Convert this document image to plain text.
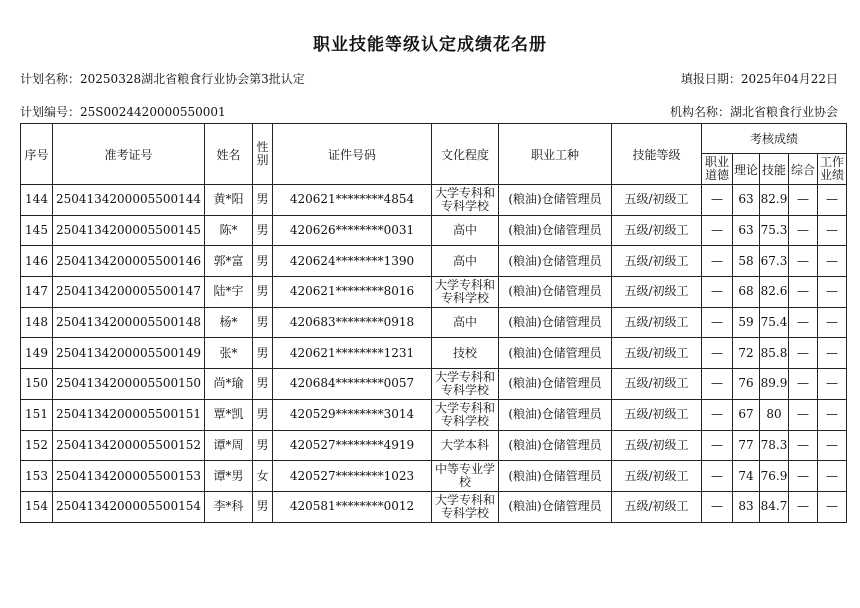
职业技能等级认定成绩花名册
计划名称：20250328湖北省粮食行业协会第3批认定	填报日期：2025年04月22日
计划编号：25S0024420000550001	机构名称：湖北省粮食行业协会
序号	准考证号	姓名	性别	证件号码	文化程度	职业工种	技能等级	考核成绩				

								职业道德	理论	技能	综合	工作业绩

144	2504134200005500144	黄*阳	男	420621********4854	大学专科和专科学校	(粮油)仓储管理员	五级/初级工	—	63	82.9	—	—
145	2504134200005500145	陈*	男	420626********0031	高中	(粮油)仓储管理员	五级/初级工	—	63	75.3	—	—
146	2504134200005500146	郭*富	男	420624********1390	高中	(粮油)仓储管理员	五级/初级工	—	58	67.3	—	—
147	2504134200005500147	陆*宇	男	420621********8016	大学专科和专科学校	(粮油)仓储管理员	五级/初级工	—	68	82.6	—	—
148	2504134200005500148	杨*	男	420683********0918	高中	(粮油)仓储管理员	五级/初级工	—	59	75.4	—	—
149	2504134200005500149	张*	男	420621********1231	技校	(粮油)仓储管理员	五级/初级工	—	72	85.8	—	—
150	2504134200005500150	尚*瑜	男	420684********0057	大学专科和专科学校	(粮油)仓储管理员	五级/初级工	—	76	89.9	—	—
151	2504134200005500151	覃*凯	男	420529********3014	大学专科和专科学校	(粮油)仓储管理员	五级/初级工	—	67	80	—	—
152	2504134200005500152	谭*周	男	420527********4919	大学本科	(粮油)仓储管理员	五级/初级工	—	77	78.3	—	—
153	2504134200005500153	谭*男	女	420527********1023	中等专业学校	(粮油)仓储管理员	五级/初级工	—	74	76.9	—	—
154	2504134200005500154	李*科	男	420581********0012	大学专科和专科学校	(粮油)仓储管理员	五级/初级工	—	83	84.7	—	—
